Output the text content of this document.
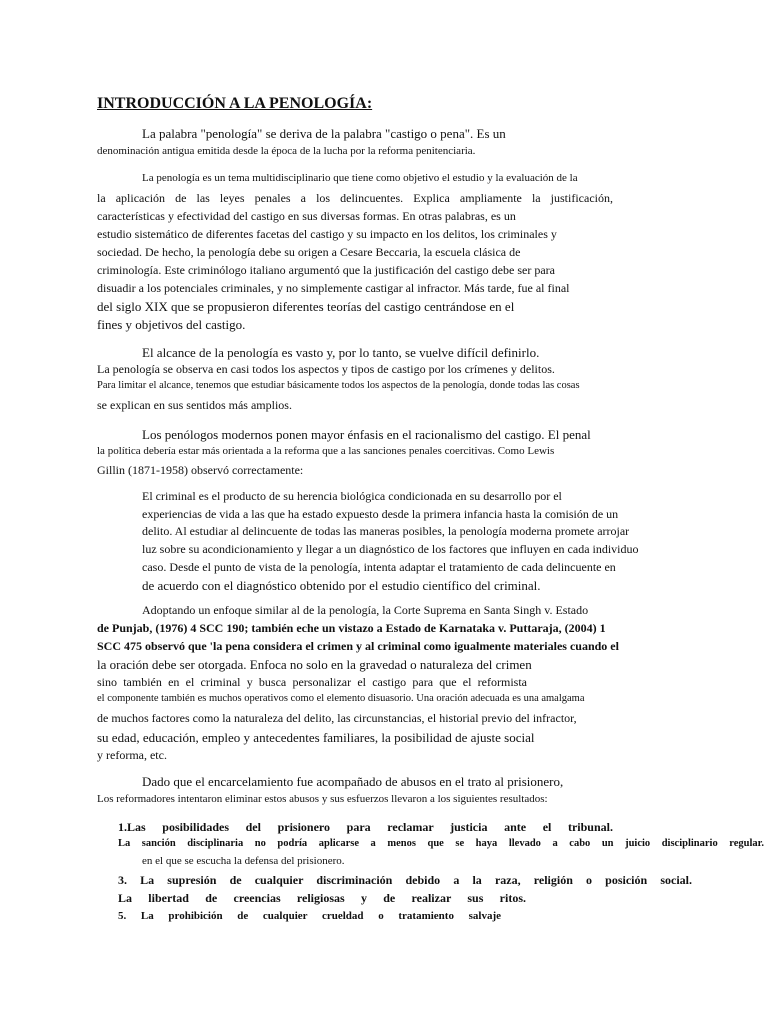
INTRODUCCIÓN A LA PENOLOGÍA:
La palabra "penología" se deriva de la palabra "castigo o pena". Es un
denominación antigua emitida desde la época de la lucha por la reforma penitenciaria.
La penología es un tema multidisciplinario que tiene como objetivo el estudio y la evaluación de la
la aplicación de las leyes penales a los delincuentes. Explica ampliamente la justificación,
características y efectividad del castigo en sus diversas formas. En otras palabras, es un
estudio sistemático de diferentes facetas del castigo y su impacto en los delitos, los criminales y
sociedad. De hecho, la penología debe su origen a Cesare Beccaria, la escuela clásica de
criminología. Este criminólogo italiano argumentó que la justificación del castigo debe ser para
disuadir a los potenciales criminales, y no simplemente castigar al infractor. Más tarde, fue al final
del siglo XIX que se propusieron diferentes teorías del castigo centrándose en el
fines y objetivos del castigo.
El alcance de la penología es vasto y, por lo tanto, se vuelve difícil definirlo.
La penología se observa en casi todos los aspectos y tipos de castigo por los crímenes y delitos.
Para limitar el alcance, tenemos que estudiar básicamente todos los aspectos de la penología, donde todas las cosas
se explican en sus sentidos más amplios.
Los penólogos modernos ponen mayor énfasis en el racionalismo del castigo. El penal
la política debería estar más orientada a la reforma que a las sanciones penales coercitivas. Como Lewis
Gillin (1871-1958) observó correctamente:
El criminal es el producto de su herencia biológica condicionada en su desarrollo por el
experiencias de vida a las que ha estado expuesto desde la primera infancia hasta la comisión de un
delito. Al estudiar al delincuente de todas las maneras posibles, la penología moderna promete arrojar
luz sobre su acondicionamiento y llegar a un diagnóstico de los factores que influyen en cada individuo
caso. Desde el punto de vista de la penología, intenta adaptar el tratamiento de cada delincuente en
de acuerdo con el diagnóstico obtenido por el estudio científico del criminal.
Adoptando un enfoque similar al de la penología, la Corte Suprema en Santa Singh v. Estado
de Punjab, (1976) 4 SCC 190; también eche un vistazo a Estado de Karnataka v. Puttaraja, (2004) 1
SCC 475 observó que 'la pena considera el crimen y al criminal como igualmente materiales cuando el
la oración debe ser otorgada. Enfoca no solo en la gravedad o naturaleza del crimen
sino también en el criminal y busca personalizar el castigo para que el reformista
el componente también es muchos operativos como el elemento disuasorio. Una oración adecuada es una amalgama
de muchos factores como la naturaleza del delito, las circunstancias, el historial previo del infractor,
su edad, educación, empleo y antecedentes familiares, la posibilidad de ajuste social
y reforma, etc.
Dado que el encarcelamiento fue acompañado de abusos en el trato al prisionero,
Los reformadores intentaron eliminar estos abusos y sus esfuerzos llevaron a los siguientes resultados:
1.Las posibilidades del prisionero para reclamar justicia ante el tribunal.
La sanción disciplinaria no podría aplicarse a menos que se haya llevado a cabo un juicio disciplinario regular.
en el que se escucha la defensa del prisionero.
3. La supresión de cualquier discriminación debido a la raza, religión o posición social.
La libertad de creencias religiosas y de realizar sus ritos.
5. La prohibición de cualquier crueldad o tratamiento salvaje
